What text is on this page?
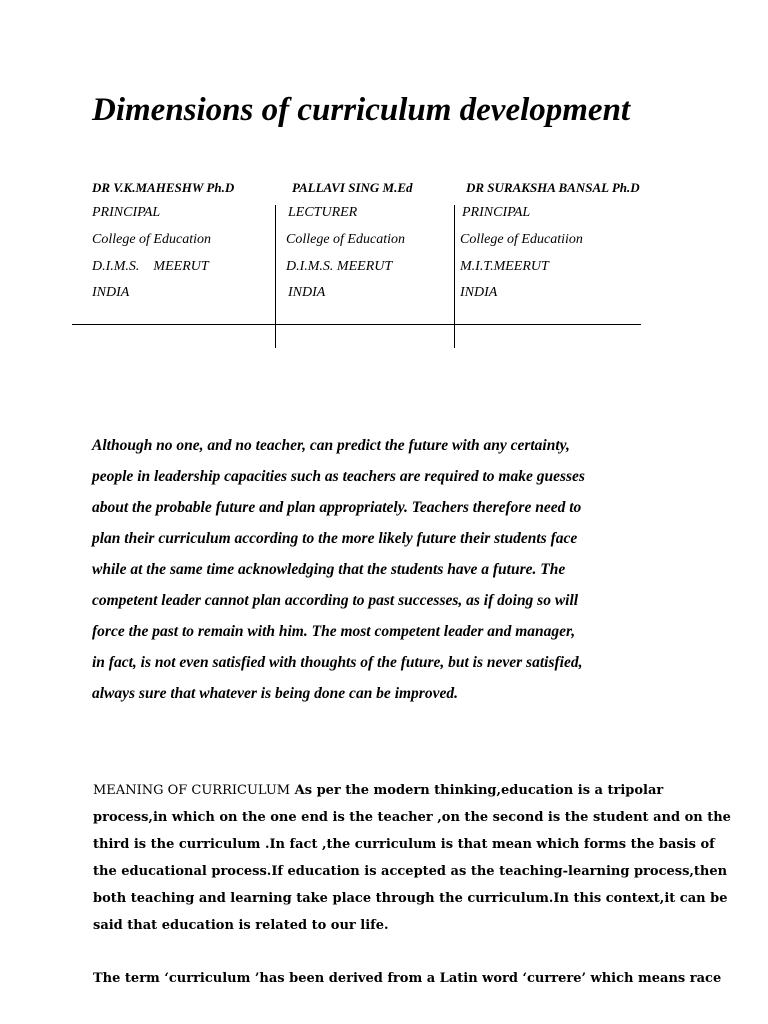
Dimensions of curriculum development
DR V.K.MAHESHW Ph.D	PALLAVI SING M.Ed	DR SURAKSHA BANSAL Ph.D
PRINCIPAL	LECTURER	PRINCIPAL
College of Education	College of Education	College of Educatiion
D.I.M.S.    MEERUT	D.I.M.S. MEERUT	M.I.T.MEERUT
INDIA	INDIA	INDIA
Although no one, and no teacher, can predict the future with any certainty,
people in leadership capacities such as teachers are required to make guesses
about the probable future and plan appropriately. Teachers therefore need to
plan their curriculum according to the more likely future their students face
while at the same time acknowledging that the students have a future. The
competent leader cannot plan according to past successes, as if doing so will
force the past to remain with him. The most competent leader and manager,
in fact, is not even satisfied with thoughts of the future, but is never satisfied,
always sure that whatever is being done can be improved.
MEANING OF CURRICULUM As per the modern thinking,education is a tripolar
process,in which on the one end is the teacher ,on the second is the student and on the
third is the curriculum .In fact ,the curriculum is that mean which forms the basis of
the educational process.If education is accepted as the teaching-learning process,then
both teaching and learning take place through the curriculum.In this context,it can be
said that education is related to our life.
The term ‘curriculum ’has been derived from a Latin word ‘currere’ which means race
